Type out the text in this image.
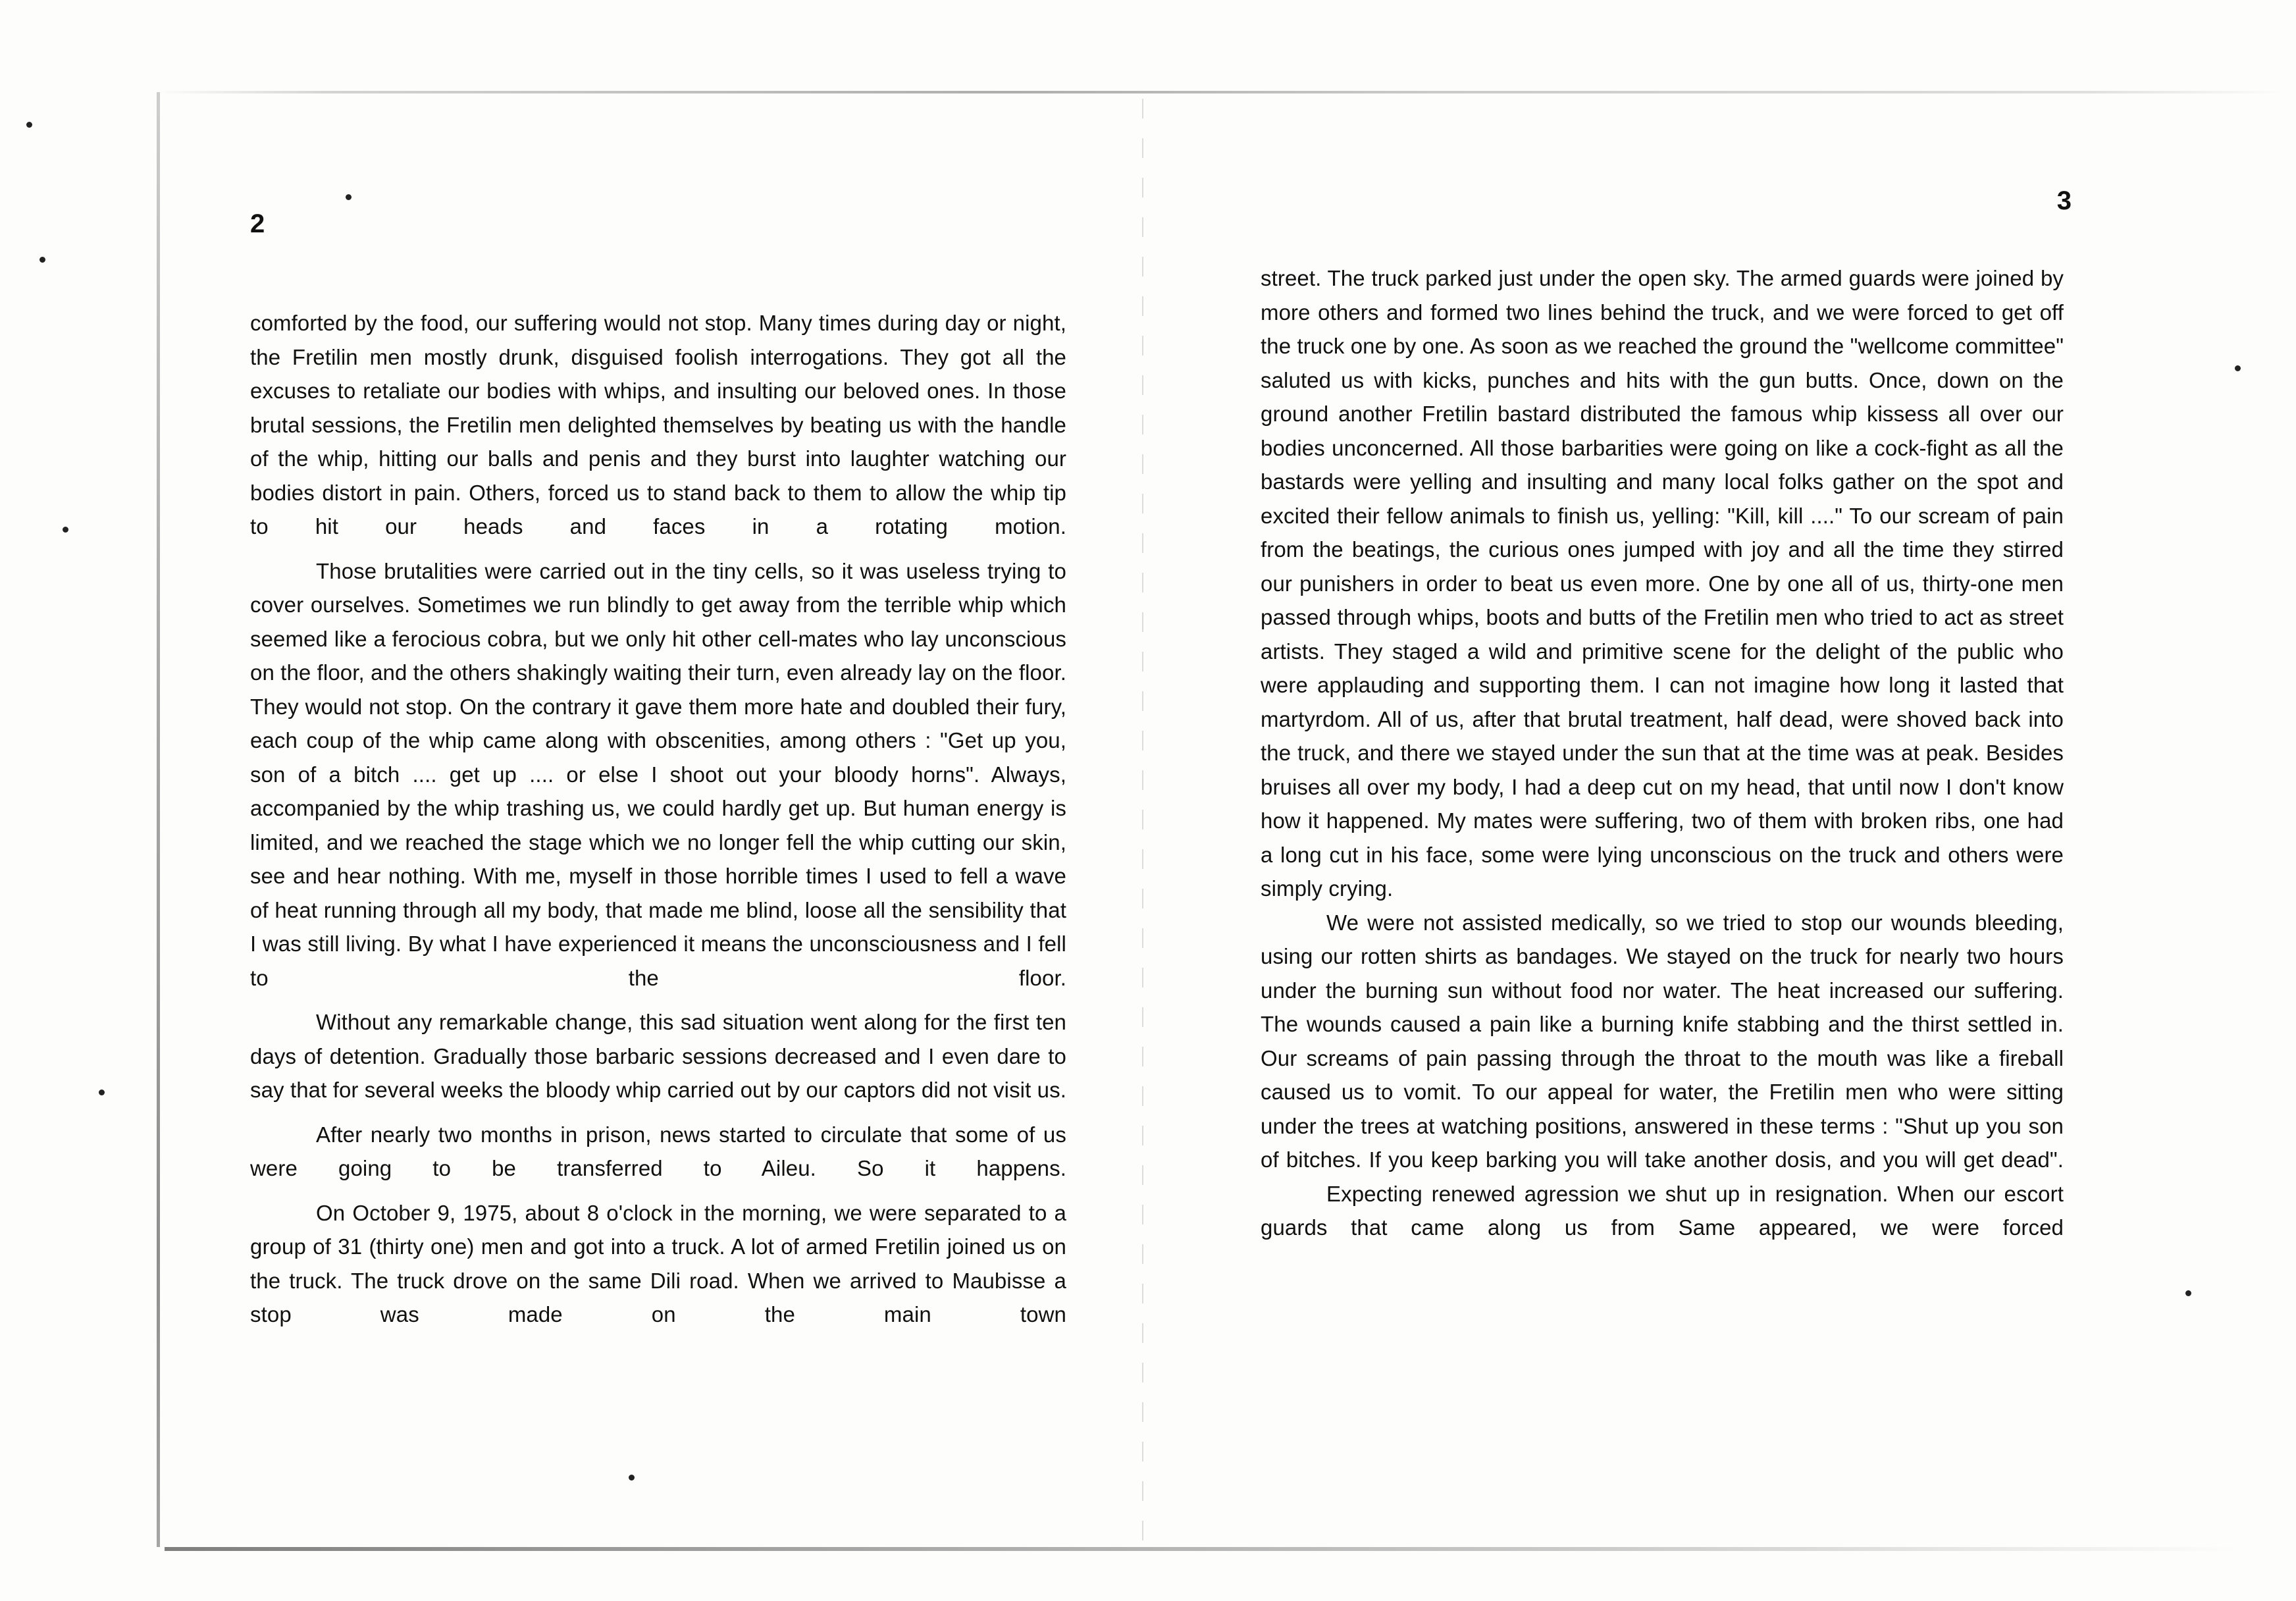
2

comforted by the food, our suffering would not stop. Many times during day or night, the Fretilin men mostly drunk, disguised foolish interrogations. They got all the excuses to retaliate our bodies with whips, and insulting our beloved ones. In those brutal sessions, the Fretilin men delighted themselves by beating us with the handle of the whip, hitting our balls and penis and they burst into laughter watching our bodies distort in pain. Others, forced us to stand back to them to allow the whip tip to hit our heads and faces in a rotating motion.

Those brutalities were carried out in the tiny cells, so it was useless trying to cover ourselves. Sometimes we run blindly to get away from the terrible whip which seemed like a ferocious cobra, but we only hit other cell-mates who lay unconscious on the floor, and the others shakingly waiting their turn, even already lay on the floor. They would not stop. On the contrary it gave them more hate and doubled their fury, each coup of the whip came along with obscenities, among others : "Get up you, son of a bitch .... get up .... or else I shoot out your bloody horns". Always, accompanied by the whip trashing us, we could hardly get up. But human energy is limited, and we reached the stage which we no longer fell the whip cutting our skin, see and hear nothing. With me, myself in those horrible times I used to fell a wave of heat running through all my body, that made me blind, loose all the sensibility that I was still living. By what I have experienced it means the unconsciousness and I fell to the floor.

Without any remarkable change, this sad situation went along for the first ten days of detention. Gradually those barbaric sessions decreased and I even dare to say that for several weeks the bloody whip carried out by our captors did not visit us.

After nearly two months in prison, news started to circulate that some of us were going to be transferred to Aileu. So it happens.

On October 9, 1975, about 8 o'clock in the morning, we were separated to a group of 31 (thirty one) men and got into a truck. A lot of armed Fretilin joined us on the truck. The truck drove on the same Dili road. When we arrived to Maubisse a stop was made on the main town

3

street. The truck parked just under the open sky. The armed guards were joined by more others and formed two lines behind the truck, and we were forced to get off the truck one by one. As soon as we reached the ground the "wellcome committee" saluted us with kicks, punches and hits with the gun butts. Once, down on the ground another Fretilin bastard distributed the famous whip kissess all over our bodies unconcerned. All those barbarities were going on like a cock-fight as all the bastards were yelling and insulting and many local folks gather on the spot and excited their fellow animals to finish us, yelling: "Kill, kill ...." To our scream of pain from the beatings, the curious ones jumped with joy and all the time they stirred our punishers in order to beat us even more. One by one all of us, thirty-one men passed through whips, boots and butts of the Fretilin men who tried to act as street artists. They staged a wild and primitive scene for the delight of the public who were applauding and supporting them. I can not imagine how long it lasted that martyrdom. All of us, after that brutal treatment, half dead, were shoved back into the truck, and there we stayed under the sun that at the time was at peak. Besides bruises all over my body, I had a deep cut on my head, that until now I don't know how it happened. My mates were suffering, two of them with broken ribs, one had a long cut in his face, some were lying unconscious on the truck and others were simply crying.

We were not assisted medically, so we tried to stop our wounds bleeding, using our rotten shirts as bandages. We stayed on the truck for nearly two hours under the burning sun without food nor water. The heat increased our suffering. The wounds caused a pain like a burning knife stabbing and the thirst settled in. Our screams of pain passing through the throat to the mouth was like a fireball caused us to vomit. To our appeal for water, the Fretilin men who were sitting under the trees at watching positions, answered in these terms : "Shut up you son of bitches. If you keep barking you will take another dosis, and you will get dead".

Expecting renewed agression we shut up in resignation. When our escort guards that came along us from Same appeared, we were forced
